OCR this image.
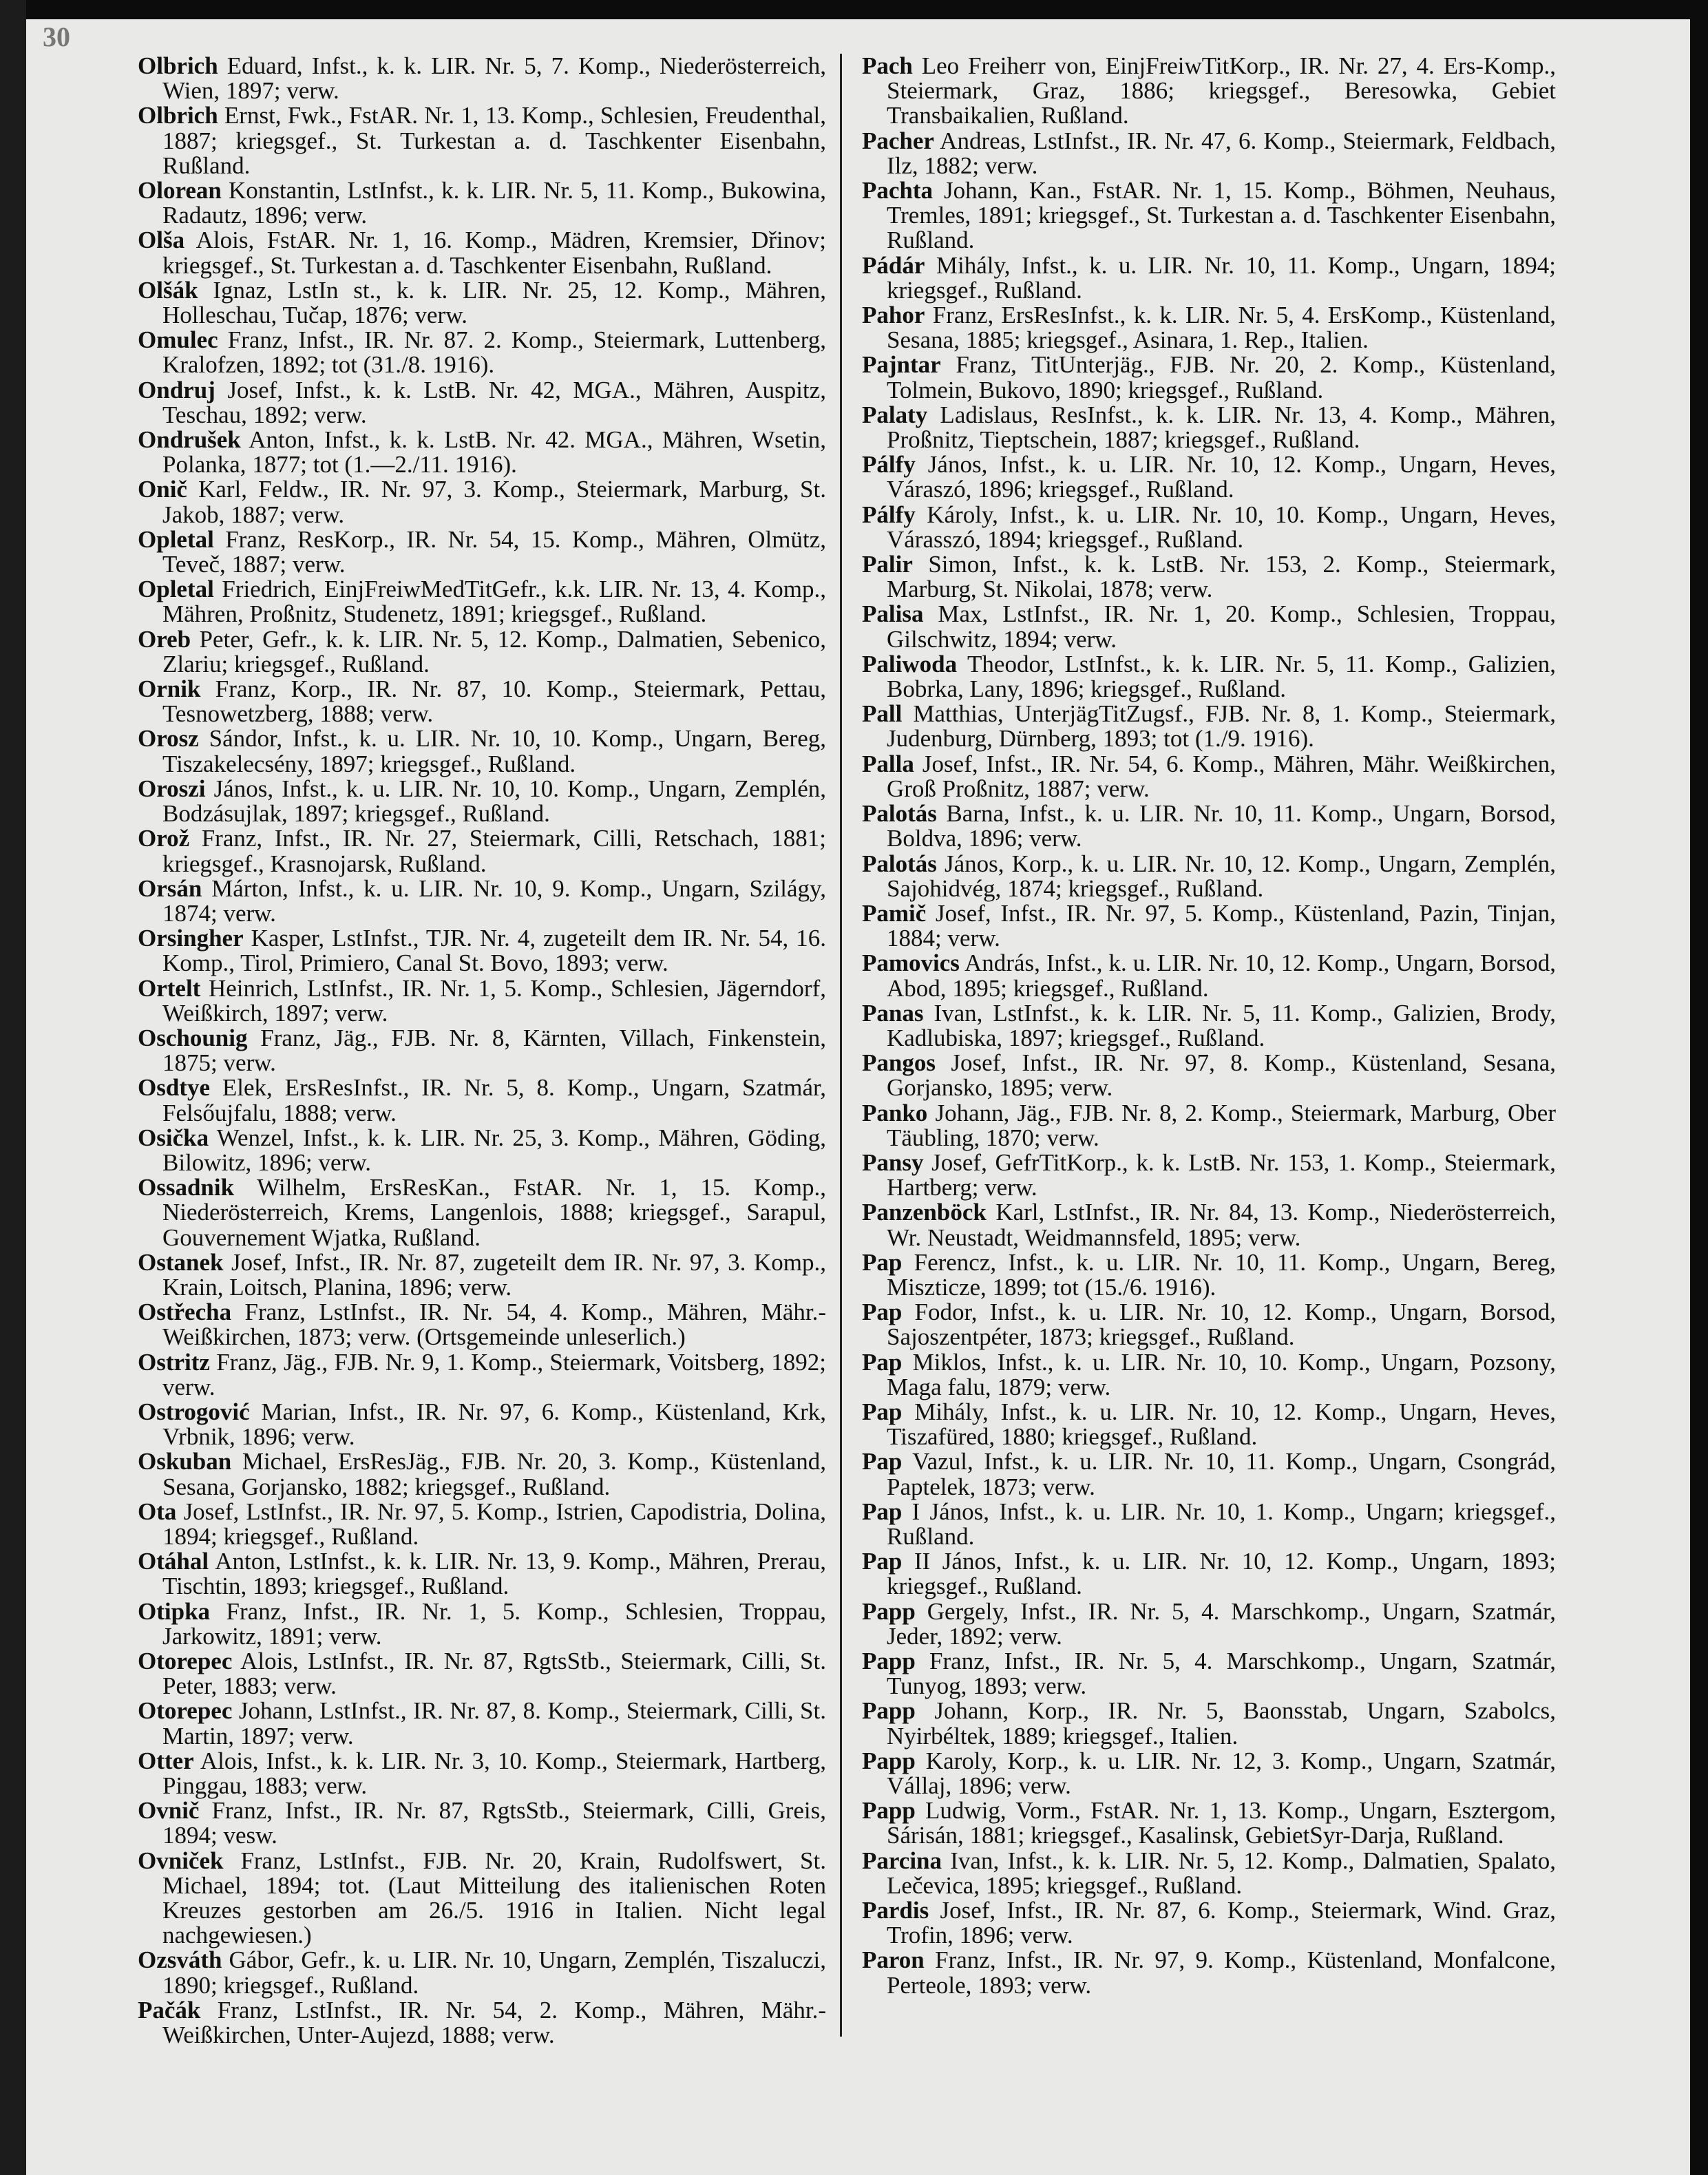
30

Olbrich Eduard, Infst., k. k. LIR. Nr. 5, 7. Komp., Niederösterreich, Wien, 1897; verw.

Olbrich Ernst, Fwk., FstAR. Nr. 1, 13. Komp., Schlesien, Freudenthal, 1887; kriegsgef., St. Turkestan a. d. Taschkenter Eisenbahn, Rußland.

Olorean Konstantin, LstInfst., k. k. LIR. Nr. 5, 11. Komp., Bukowina, Radautz, 1896; verw.

Olša Alois, FstAR. Nr. 1, 16. Komp., Mädren, Kremsier, Dřinov; kriegsgef., St. Turkestan a. d. Taschkenter Eisenbahn, Rußland.

Olšák Ignaz, LstIn st., k. k. LIR. Nr. 25, 12. Komp., Mähren, Holleschau, Tučap, 1876; verw.

Omulec Franz, Infst., IR. Nr. 87. 2. Komp., Steiermark, Luttenberg, Kralofzen, 1892; tot (31./8. 1916).

Ondruj Josef, Infst., k. k. LstB. Nr. 42, MGA., Mähren, Auspitz, Teschau, 1892; verw.

Ondrušek Anton, Infst., k. k. LstB. Nr. 42. MGA., Mähren, Wsetin, Polanka, 1877; tot (1.—2./11. 1916).

Onič Karl, Feldw., IR. Nr. 97, 3. Komp., Steiermark, Marburg, St. Jakob, 1887; verw.

Opletal Franz, ResKorp., IR. Nr. 54, 15. Komp., Mähren, Olmütz, Teveč, 1887; verw.

Opletal Friedrich, EinjFreiwMedTitGefr., k.k. LIR. Nr. 13, 4. Komp., Mähren, Proßnitz, Studenetz, 1891; kriegsgef., Rußland.

Oreb Peter, Gefr., k. k. LIR. Nr. 5, 12. Komp., Dalmatien, Sebenico, Zlariu; kriegsgef., Rußland.

Ornik Franz, Korp., IR. Nr. 87, 10. Komp., Steiermark, Pettau, Tesnowetzberg, 1888; verw.

Orosz Sándor, Infst., k. u. LIR. Nr. 10, 10. Komp., Ungarn, Bereg, Tiszakelecsény, 1897; kriegsgef., Rußland.

Oroszi János, Infst., k. u. LIR. Nr. 10, 10. Komp., Ungarn, Zemplén, Bodzásujlak, 1897; kriegsgef., Rußland.

Orož Franz, Infst., IR. Nr. 27, Steiermark, Cilli, Retschach, 1881; kriegsgef., Krasnojarsk, Rußland.

Orsán Márton, Infst., k. u. LIR. Nr. 10, 9. Komp., Ungarn, Szilágy, 1874; verw.

Orsingher Kasper, LstInfst., TJR. Nr. 4, zugeteilt dem IR. Nr. 54, 16. Komp., Tirol, Primiero, Canal St. Bovo, 1893; verw.

Ortelt Heinrich, LstInfst., IR. Nr. 1, 5. Komp., Schlesien, Jägerndorf, Weißkirch, 1897; verw.

Oschounig Franz, Jäg., FJB. Nr. 8, Kärnten, Villach, Finkenstein, 1875; verw.

Osdtye Elek, ErsResInfst., IR. Nr. 5, 8. Komp., Ungarn, Szatmár, Felsőujfalu, 1888; verw.

Osička Wenzel, Infst., k. k. LIR. Nr. 25, 3. Komp., Mähren, Göding, Bilowitz, 1896; verw.

Ossadnik Wilhelm, ErsResKan., FstAR. Nr. 1, 15. Komp., Niederösterreich, Krems, Langenlois, 1888; kriegsgef., Sarapul, Gouvernement Wjatka, Rußland.

Ostanek Josef, Infst., IR. Nr. 87, zugeteilt dem IR. Nr. 97, 3. Komp., Krain, Loitsch, Planina, 1896; verw.

Ostřecha Franz, LstInfst., IR. Nr. 54, 4. Komp., Mähren, Mähr.-Weißkirchen, 1873; verw. (Ortsgemeinde unleserlich.)

Ostritz Franz, Jäg., FJB. Nr. 9, 1. Komp., Steiermark, Voitsberg, 1892; verw.

Ostrogović Marian, Infst., IR. Nr. 97, 6. Komp., Küstenland, Krk, Vrbnik, 1896; verw.

Oskuban Michael, ErsResJäg., FJB. Nr. 20, 3. Komp., Küstenland, Sesana, Gorjansko, 1882; kriegsgef., Rußland.

Ota Josef, LstInfst., IR. Nr. 97, 5. Komp., Istrien, Capodistria, Dolina, 1894; kriegsgef., Rußland.

Otáhal Anton, LstInfst., k. k. LIR. Nr. 13, 9. Komp., Mähren, Prerau, Tischtin, 1893; kriegsgef., Rußland.

Otipka Franz, Infst., IR. Nr. 1, 5. Komp., Schlesien, Troppau, Jarkowitz, 1891; verw.

Otorepec Alois, LstInfst., IR. Nr. 87, RgtsStb., Steiermark, Cilli, St. Peter, 1883; verw.

Otorepec Johann, LstInfst., IR. Nr. 87, 8. Komp., Steiermark, Cilli, St. Martin, 1897; verw.

Otter Alois, Infst., k. k. LIR. Nr. 3, 10. Komp., Steiermark, Hartberg, Pinggau, 1883; verw.

Ovnič Franz, Infst., IR. Nr. 87, RgtsStb., Steiermark, Cilli, Greis, 1894; vesw.

Ovniček Franz, LstInfst., FJB. Nr. 20, Krain, Rudolfswert, St. Michael, 1894; tot. (Laut Mitteilung des italienischen Roten Kreuzes gestorben am 26./5. 1916 in Italien. Nicht legal nachgewiesen.)

Ozsváth Gábor, Gefr., k. u. LIR. Nr. 10, Ungarn, Zemplén, Tiszaluczi, 1890; kriegsgef., Rußland.

Pačák Franz, LstInfst., IR. Nr. 54, 2. Komp., Mähren, Mähr.-Weißkirchen, Unter-Aujezd, 1888; verw.

Pach Leo Freiherr von, EinjFreiwTitKorp., IR. Nr. 27, 4. Ers-Komp., Steiermark, Graz, 1886; kriegsgef., Beresowka, Gebiet Transbaikalien, Rußland.

Pacher Andreas, LstInfst., IR. Nr. 47, 6. Komp., Steiermark, Feldbach, Ilz, 1882; verw.

Pachta Johann, Kan., FstAR. Nr. 1, 15. Komp., Böhmen, Neuhaus, Tremles, 1891; kriegsgef., St. Turkestan a. d. Taschkenter Eisenbahn, Rußland.

Pádár Mihály, Infst., k. u. LIR. Nr. 10, 11. Komp., Ungarn, 1894; kriegsgef., Rußland.

Pahor Franz, ErsResInfst., k. k. LIR. Nr. 5, 4. ErsKomp., Küstenland, Sesana, 1885; kriegsgef., Asinara, 1. Rep., Italien.

Pajntar Franz, TitUnterjäg., FJB. Nr. 20, 2. Komp., Küstenland, Tolmein, Bukovo, 1890; kriegsgef., Rußland.

Palaty Ladislaus, ResInfst., k. k. LIR. Nr. 13, 4. Komp., Mähren, Proßnitz, Tieptschein, 1887; kriegsgef., Rußland.

Pálfy János, Infst., k. u. LIR. Nr. 10, 12. Komp., Ungarn, Heves, Váraszó, 1896; kriegsgef., Rußland.

Pálfy Károly, Infst., k. u. LIR. Nr. 10, 10. Komp., Ungarn, Heves, Várasszó, 1894; kriegsgef., Rußland.

Palir Simon, Infst., k. k. LstB. Nr. 153, 2. Komp., Steiermark, Marburg, St. Nikolai, 1878; verw.

Palisa Max, LstInfst., IR. Nr. 1, 20. Komp., Schlesien, Troppau, Gilschwitz, 1894; verw.

Paliwoda Theodor, LstInfst., k. k. LIR. Nr. 5, 11. Komp., Galizien, Bobrka, Lany, 1896; kriegsgef., Rußland.

Pall Matthias, UnterjägTitZugsf., FJB. Nr. 8, 1. Komp., Steiermark, Judenburg, Dürnberg, 1893; tot (1./9. 1916).

Palla Josef, Infst., IR. Nr. 54, 6. Komp., Mähren, Mähr. Weißkirchen, Groß Proßnitz, 1887; verw.

Palotás Barna, Infst., k. u. LIR. Nr. 10, 11. Komp., Ungarn, Borsod, Boldva, 1896; verw.

Palotás János, Korp., k. u. LIR. Nr. 10, 12. Komp., Ungarn, Zemplén, Sajohidvég, 1874; kriegsgef., Rußland.

Pamič Josef, Infst., IR. Nr. 97, 5. Komp., Küstenland, Pazin, Tinjan, 1884; verw.

Pamovics András, Infst., k. u. LIR. Nr. 10, 12. Komp., Ungarn, Borsod, Abod, 1895; kriegsgef., Rußland.

Panas Ivan, LstInfst., k. k. LIR. Nr. 5, 11. Komp., Galizien, Brody, Kadlubiska, 1897; kriegsgef., Rußland.

Pangos Josef, Infst., IR. Nr. 97, 8. Komp., Küstenland, Sesana, Gorjansko, 1895; verw.

Panko Johann, Jäg., FJB. Nr. 8, 2. Komp., Steiermark, Marburg, Ober Täubling, 1870; verw.

Pansy Josef, GefrTitKorp., k. k. LstB. Nr. 153, 1. Komp., Steiermark, Hartberg; verw.

Panzenböck Karl, LstInfst., IR. Nr. 84, 13. Komp., Niederösterreich, Wr. Neustadt, Weidmannsfeld, 1895; verw.

Pap Ferencz, Infst., k. u. LIR. Nr. 10, 11. Komp., Ungarn, Bereg, Miszticze, 1899; tot (15./6. 1916).

Pap Fodor, Infst., k. u. LIR. Nr. 10, 12. Komp., Ungarn, Borsod, Sajoszentpéter, 1873; kriegsgef., Rußland.

Pap Miklos, Infst., k. u. LIR. Nr. 10, 10. Komp., Ungarn, Pozsony, Maga falu, 1879; verw.

Pap Mihály, Infst., k. u. LIR. Nr. 10, 12. Komp., Ungarn, Heves, Tiszafüred, 1880; kriegsgef., Rußland.

Pap Vazul, Infst., k. u. LIR. Nr. 10, 11. Komp., Ungarn, Csongrád, Paptelek, 1873; verw.

Pap I János, Infst., k. u. LIR. Nr. 10, 1. Komp., Ungarn; kriegsgef., Rußland.

Pap II János, Infst., k. u. LIR. Nr. 10, 12. Komp., Ungarn, 1893; kriegsgef., Rußland.

Papp Gergely, Infst., IR. Nr. 5, 4. Marschkomp., Ungarn, Szatmár, Jeder, 1892; verw.

Papp Franz, Infst., IR. Nr. 5, 4. Marschkomp., Ungarn, Szatmár, Tunyog, 1893; verw.

Papp Johann, Korp., IR. Nr. 5, Baonsstab, Ungarn, Szabolcs, Nyirbéltek, 1889; kriegsgef., Italien.

Papp Karoly, Korp., k. u. LIR. Nr. 12, 3. Komp., Ungarn, Szatmár, Vállaj, 1896; verw.

Papp Ludwig, Vorm., FstAR. Nr. 1, 13. Komp., Ungarn, Esztergom, Sárisán, 1881; kriegsgef., Kasalinsk, GebietSyr-Darja, Rußland.

Parcina Ivan, Infst., k. k. LIR. Nr. 5, 12. Komp., Dalmatien, Spalato, Lečevica, 1895; kriegsgef., Rußland.

Pardis Josef, Infst., IR. Nr. 87, 6. Komp., Steiermark, Wind. Graz, Trofin, 1896; verw.

Paron Franz, Infst., IR. Nr. 97, 9. Komp., Küstenland, Monfalcone, Perteole, 1893; verw.
